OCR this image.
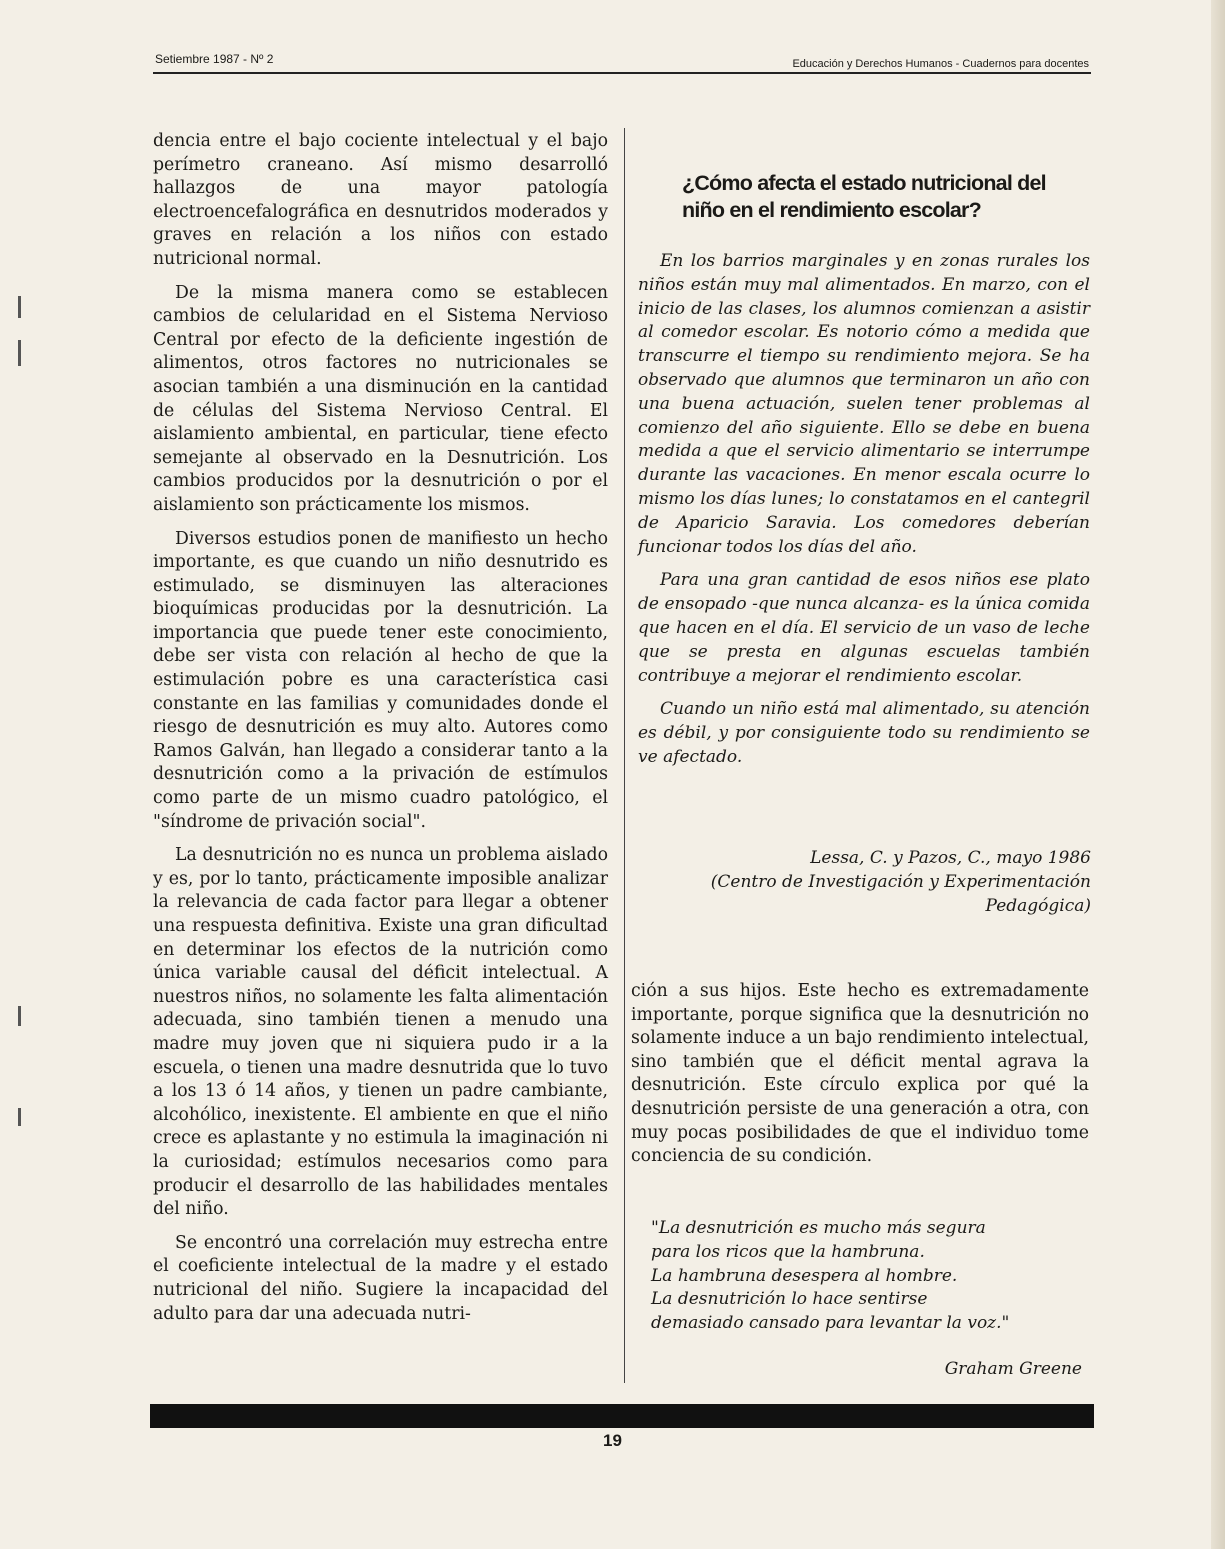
Setiembre 1987 - Nº 2	Educación y Derechos Humanos - Cuadernos para docentes

dencia entre el bajo cociente intelectual y el bajo perímetro craneano. Así mismo desarrolló hallazgos de una mayor patología electroencefalográfica en desnutridos moderados y graves en relación a los niños con estado nutricional normal.

De la misma manera como se establecen cambios de celularidad en el Sistema Nervioso Central por efecto de la deficiente ingestión de alimentos, otros factores no nutricionales se asocian también a una disminución en la cantidad de células del Sistema Nervioso Central. El aislamiento ambiental, en particular, tiene efecto semejante al observado en la Desnutrición. Los cambios producidos por la desnutrición o por el aislamiento son prácticamente los mismos.

Diversos estudios ponen de manifiesto un hecho importante, es que cuando un niño desnutrido es estimulado, se disminuyen las alteraciones bioquímicas producidas por la desnutrición. La importancia que puede tener este conocimiento, debe ser vista con relación al hecho de que la estimulación pobre es una característica casi constante en las familias y comunidades donde el riesgo de desnutrición es muy alto. Autores como Ramos Galván, han llegado a considerar tanto a la desnutrición como a la privación de estímulos como parte de un mismo cuadro patológico, el "síndrome de privación social".

La desnutrición no es nunca un problema aislado y es, por lo tanto, prácticamente imposible analizar la relevancia de cada factor para llegar a obtener una respuesta definitiva. Existe una gran dificultad en determinar los efectos de la nutrición como única variable causal del déficit intelectual. A nuestros niños, no solamente les falta alimentación adecuada, sino también tienen a menudo una madre muy joven que ni siquiera pudo ir a la escuela, o tienen una madre desnutrida que lo tuvo a los 13 ó 14 años, y tienen un padre cambiante, alcohólico, inexistente. El ambiente en que el niño crece es aplastante y no estimula la imaginación ni la curiosidad; estímulos necesarios como para producir el desarrollo de las habilidades mentales del niño.

Se encontró una correlación muy estrecha entre el coeficiente intelectual de la madre y el estado nutricional del niño. Sugiere la incapacidad del adulto para dar una adecuada nutri-

¿Cómo afecta el estado nutricional del niño en el rendimiento escolar?

En los barrios marginales y en zonas rurales los niños están muy mal alimentados. En marzo, con el inicio de las clases, los alumnos comienzan a asistir al comedor escolar. Es notorio cómo a medida que transcurre el tiempo su rendimiento mejora. Se ha observado que alumnos que terminaron un año con una buena actuación, suelen tener problemas al comienzo del año siguiente. Ello se debe en buena medida a que el servicio alimentario se interrumpe durante las vacaciones. En menor escala ocurre lo mismo los días lunes; lo constatamos en el cantegril de Aparicio Saravia. Los comedores deberían funcionar todos los días del año.

Para una gran cantidad de esos niños ese plato de ensopado -que nunca alcanza- es la única comida que hacen en el día. El servicio de un vaso de leche que se presta en algunas escuelas también contribuye a mejorar el rendimiento escolar.

Cuando un niño está mal alimentado, su atención es débil, y por consiguiente todo su rendimiento se ve afectado.

Lessa, C. y Pazos, C., mayo 1986
(Centro de Investigación y Experimentación
Pedagógica)

ción a sus hijos. Este hecho es extremadamente importante, porque significa que la desnutrición no solamente induce a un bajo rendimiento intelectual, sino también que el déficit mental agrava la desnutrición. Este círculo explica por qué la desnutrición persiste de una generación a otra, con muy pocas posibilidades de que el individuo tome conciencia de su condición.

"La desnutrición es mucho más segura
para los ricos que la hambruna.
La hambruna desespera al hombre.
La desnutrición lo hace sentirse
demasiado cansado para levantar la voz."
Graham Greene
19
